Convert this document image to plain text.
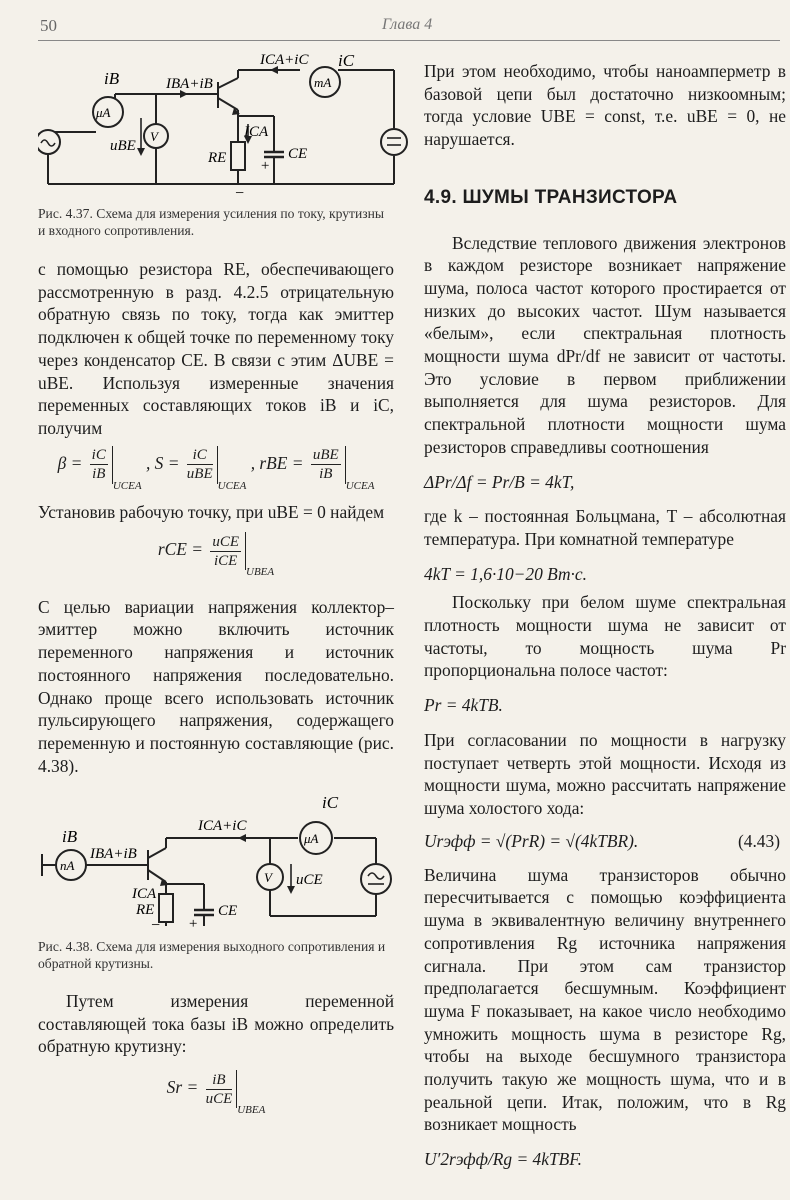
50	Глава 4
iB
μA
IBA+iB
ICA+iC iC
mA
V
uBE
ICA
RE	CE
+
−
Рис. 4.37. Схема для измерения усиления по току, крутизны и входного сопротивления.

с помощью резистора RE, обеспечивающего рассмотренную в разд. 4.2.5 отрицательную обратную связь по току, тогда как эмиттер подключен к общей точке по переменному току через конденсатор CE. В связи с этим ΔUBE = uBE. Используя измеренные значения переменных составляющих токов iB и iC, получим

$\beta = \frac{iC}{iB}$
UCEA , $S = \frac{iC}{\text{uBE}}$
UCEA , rBE = $\frac{\text{uBE}}{iB}$
UCEA

Установив рабочую точку, при uBE = 0 найдем

rCE = $\frac{\text{uCE}}{\text{iCE}}$
UBEA

С целью вариации напряжения коллектор–эмиттер можно включить источник переменного напряжения и источник постоянного напряжения последовательно. Однако проще всего использовать источник пульсирующего напряжения, содержащего переменную и постоянную составляющие (рис. 4.38).

iB
nA
IBA+iB
ICA+iC
iC
μA
V uCE
ICA
RE	CE
+
−
Рис. 4.38. Схема для измерения выходного сопротивления и обратной крутизны.

Путем измерения переменной составляющей тока базы iB можно определить обратную крутизну:

$Sr = \frac{iB}{\text{uCE}}$
UBEA

При этом необходимо, чтобы наноамперметр в базовой цепи был достаточно низкоомным; тогда условие UBE = const, т.е. uBE = 0, не нарушается.

4.9. ШУМЫ ТРАНЗИСТОРА

Вследствие теплового движения электронов в каждом резисторе возникает напряжение шума, полоса частот которого простирается от низких до высоких частот. Шум называется «белым», если спектральная плотность мощности шума dPr/df не зависит от частоты. Это условие в первом приближении выполняется для шума резисторов. Для спектральной плотности мощности шума резисторов справедливы соотношения

ΔPr/Δf = Pr/B = 4kT,

где k – постоянная Больцмана, T – абсолютная температура. При комнатной температуре

4kT = 1,6·10−20 Вт·с.

Поскольку при белом шуме спектральная плотность мощности шума не зависит от частоты, то мощность шума Pr пропорциональна полосе частот:

Pr = 4kTB.

При согласовании по мощности в нагрузку поступает четверть этой мощности. Исходя из мощности шума, можно рассчитать напряжение шума холостого хода:

Urэфф = √(PrR) = √(4kTBR).	(4.43)

Величина шума транзисторов обычно пересчитывается с помощью коэффициента шума в эквивалентную величину внутреннего сопротивления Rg источника напряжения сигнала. При этом сам транзистор предполагается бесшумным. Коэффициент шума F показывает, на какое число необходимо умножить мощность шума в резисторе Rg, чтобы на выходе бесшумного транзистора получить такую же мощность шума, что и в реальной цепи. Итак, положим, что в Rg возникает мощность

U′2rэфф/Rg = 4kTBF.
